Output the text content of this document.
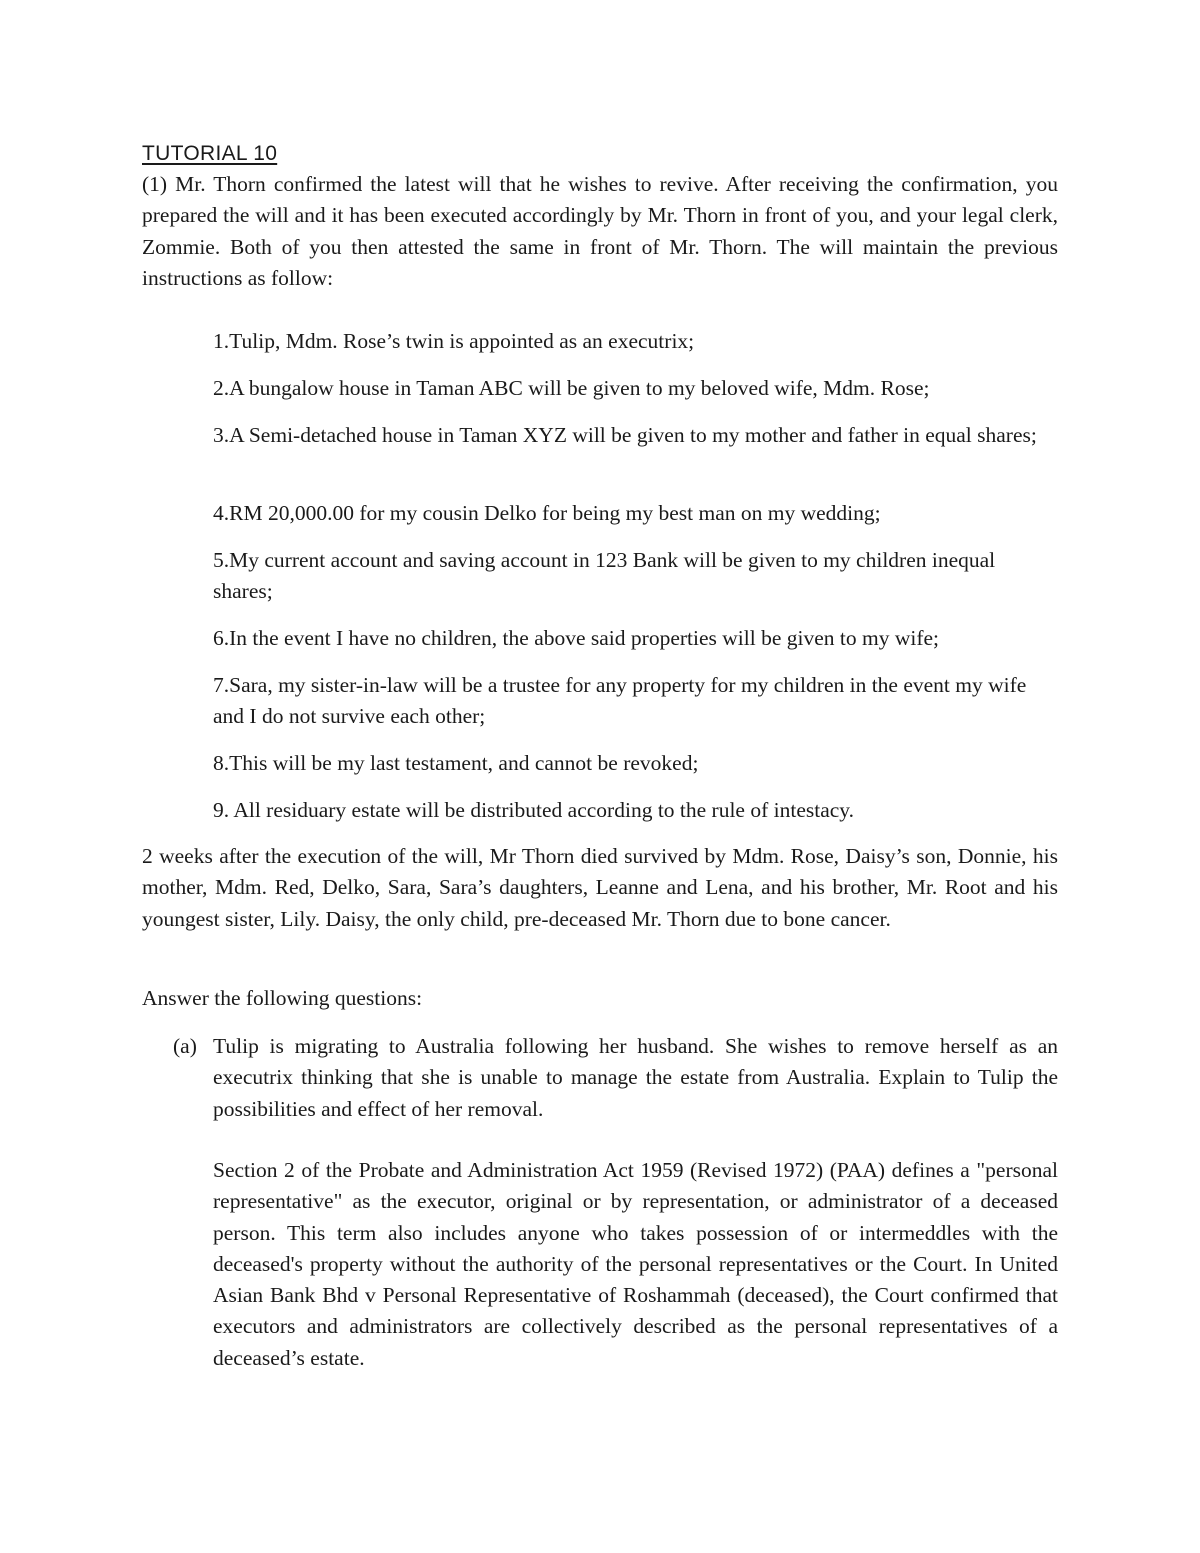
TUTORIAL 10

(1) Mr. Thorn confirmed the latest will that he wishes to revive. After receiving the confirmation, you prepared the will and it has been executed accordingly by Mr. Thorn in front of you, and your legal clerk, Zommie. Both of you then attested the same in front of Mr. Thorn. The will maintain the previous instructions as follow:

1.Tulip, Mdm. Rose’s twin is appointed as an executrix;

2.A bungalow house in Taman ABC will be given to my beloved wife, Mdm. Rose;

3.A Semi-detached house in Taman XYZ will be given to my mother and father in equal shares;

4.RM 20,000.00 for my cousin Delko for being my best man on my wedding;

5.My current account and saving account in 123 Bank will be given to my children inequal shares;

6.In the event I have no children, the above said properties will be given to my wife;

7.Sara, my sister-in-law will be a trustee for any property for my children in the event my wife and I do not survive each other;

8.This will be my last testament, and cannot be revoked;

9. All residuary estate will be distributed according to the rule of intestacy.

2 weeks after the execution of the will, Mr Thorn died survived by Mdm. Rose, Daisy’s son, Donnie, his mother, Mdm. Red, Delko, Sara, Sara’s daughters, Leanne and Lena, and his brother, Mr. Root and his youngest sister, Lily. Daisy, the only child, pre-deceased Mr. Thorn due to bone cancer.

Answer the following questions:

(a) Tulip is migrating to Australia following her husband. She wishes to remove herself as an executrix thinking that she is unable to manage the estate from Australia. Explain to Tulip the possibilities and effect of her removal.

Section 2 of the Probate and Administration Act 1959 (Revised 1972) (PAA) defines a "personal representative" as the executor, original or by representation, or administrator of a deceased person. This term also includes anyone who takes possession of or intermeddles with the deceased's property without the authority of the personal representatives or the Court. In United Asian Bank Bhd v Personal Representative of Roshammah (deceased), the Court confirmed that executors and administrators are collectively described as the personal representatives of a deceased’s estate.
